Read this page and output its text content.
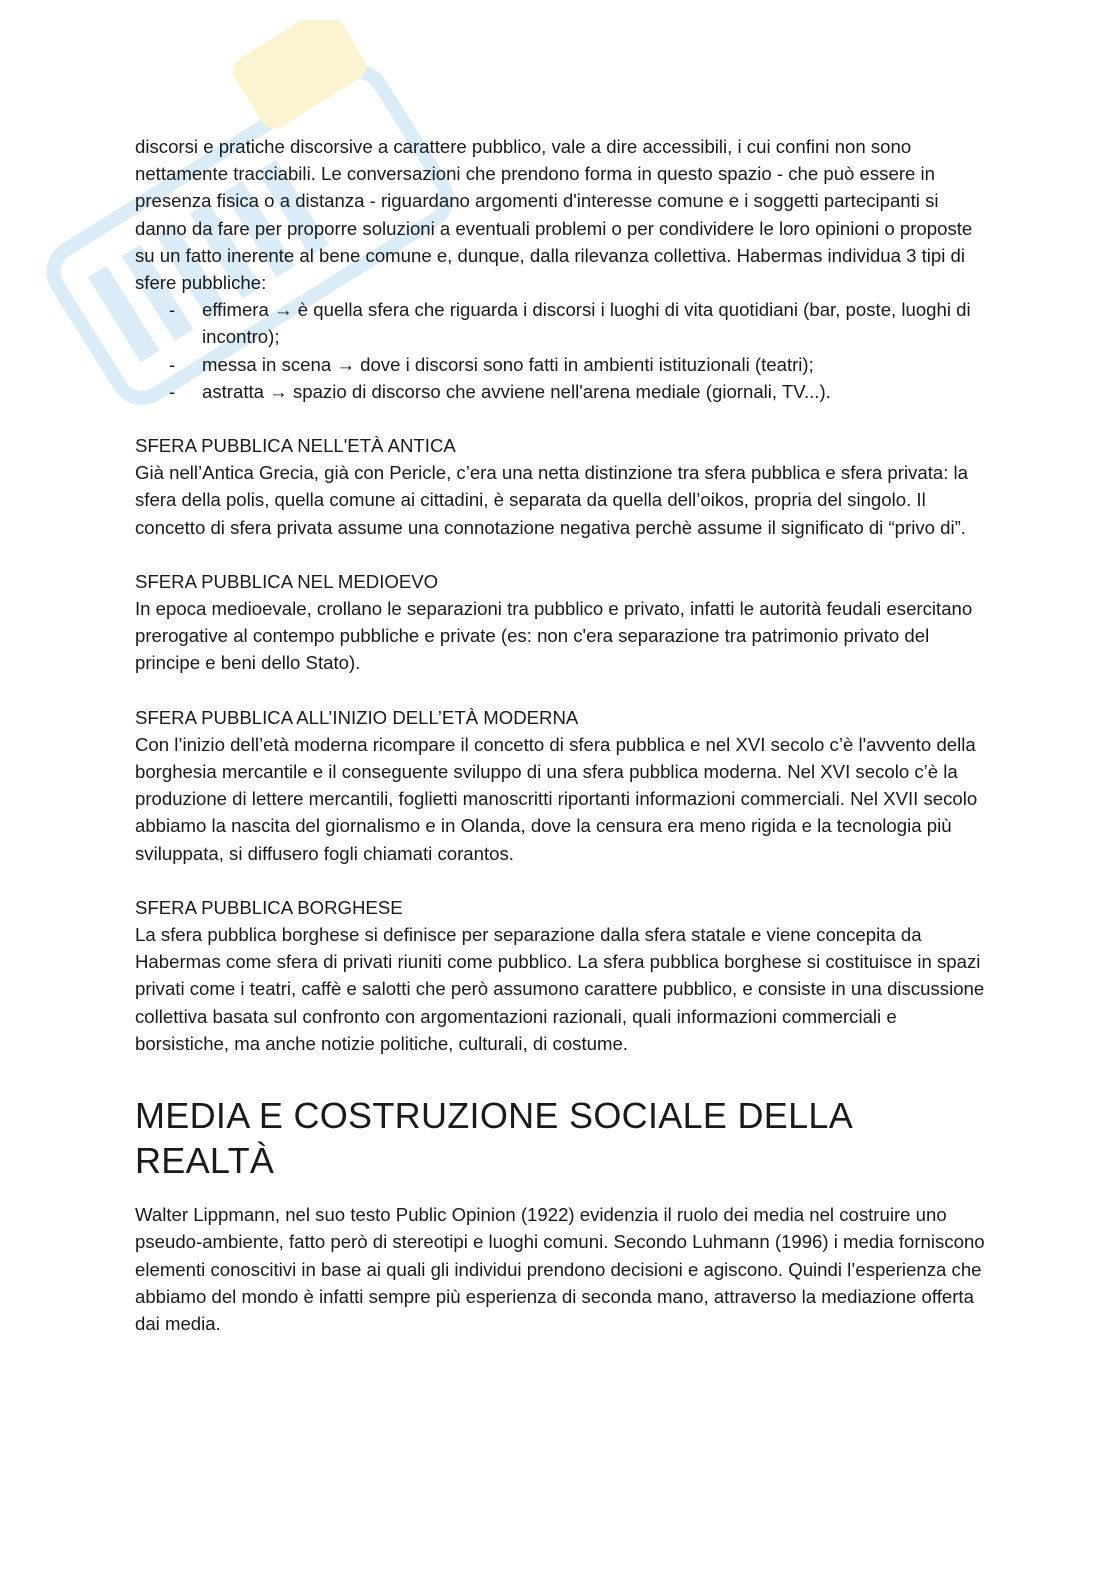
discorsi e pratiche discorsive a carattere pubblico, vale a dire accessibili, i cui confini non sono nettamente tracciabili. Le conversazioni che prendono forma in questo spazio - che può essere in presenza fisica o a distanza - riguardano argomenti d'interesse comune e i soggetti partecipanti si danno da fare per proporre soluzioni a eventuali problemi o per condividere le loro opinioni o proposte su un fatto inerente al bene comune e, dunque, dalla rilevanza collettiva. Habermas individua 3 tipi di sfere pubbliche:

- effimera → è quella sfera che riguarda i discorsi i luoghi di vita quotidiani (bar, poste, luoghi di incontro);
- messa in scena → dove i discorsi sono fatti in ambienti istituzionali (teatri);
- astratta → spazio di discorso che avviene nell'arena mediale (giornali, TV...).
SFERA PUBBLICA NELL'ETÀ ANTICA

Già nell’Antica Grecia, già con Pericle, c’era una netta distinzione tra sfera pubblica e sfera privata: la sfera della polis, quella comune ai cittadini, è separata da quella dell’oikos, propria del singolo. Il concetto di sfera privata assume una connotazione negativa perchè assume il significato di “privo di”.

SFERA PUBBLICA NEL MEDIOEVO

In epoca medioevale, crollano le separazioni tra pubblico e privato, infatti le autorità feudali esercitano prerogative al contempo pubbliche e private (es: non c'era separazione tra patrimonio privato del principe e beni dello Stato).

SFERA PUBBLICA ALL’INIZIO DELL’ETÀ MODERNA

Con l’inizio dell’età moderna ricompare il concetto di sfera pubblica e nel XVI secolo c’è l'avvento della borghesia mercantile e il conseguente sviluppo di una sfera pubblica moderna. Nel XVI secolo c’è la produzione di lettere mercantili, foglietti manoscritti riportanti informazioni commerciali. Nel XVII secolo abbiamo la nascita del giornalismo e in Olanda, dove la censura era meno rigida e la tecnologia più sviluppata, si diffusero fogli chiamati corantos.

SFERA PUBBLICA BORGHESE

La sfera pubblica borghese si definisce per separazione dalla sfera statale e viene concepita da Habermas come sfera di privati riuniti come pubblico. La sfera pubblica borghese si costituisce in spazi privati come i teatri, caffè e salotti che però assumono carattere pubblico, e consiste in una discussione collettiva basata sul confronto con argomentazioni razionali, quali informazioni commerciali e borsistiche, ma anche notizie politiche, culturali, di costume.

MEDIA E COSTRUZIONE SOCIALE DELLA
REALTÀ

Walter Lippmann, nel suo testo Public Opinion (1922) evidenzia il ruolo dei media nel costruire uno pseudo-ambiente, fatto però di stereotipi e luoghi comuni. Secondo Luhmann (1996) i media forniscono elementi conoscitivi in base ai quali gli individui prendono decisioni e agiscono. Quindi l’esperienza che abbiamo del mondo è infatti sempre più esperienza di seconda mano, attraverso la mediazione offerta dai media.
